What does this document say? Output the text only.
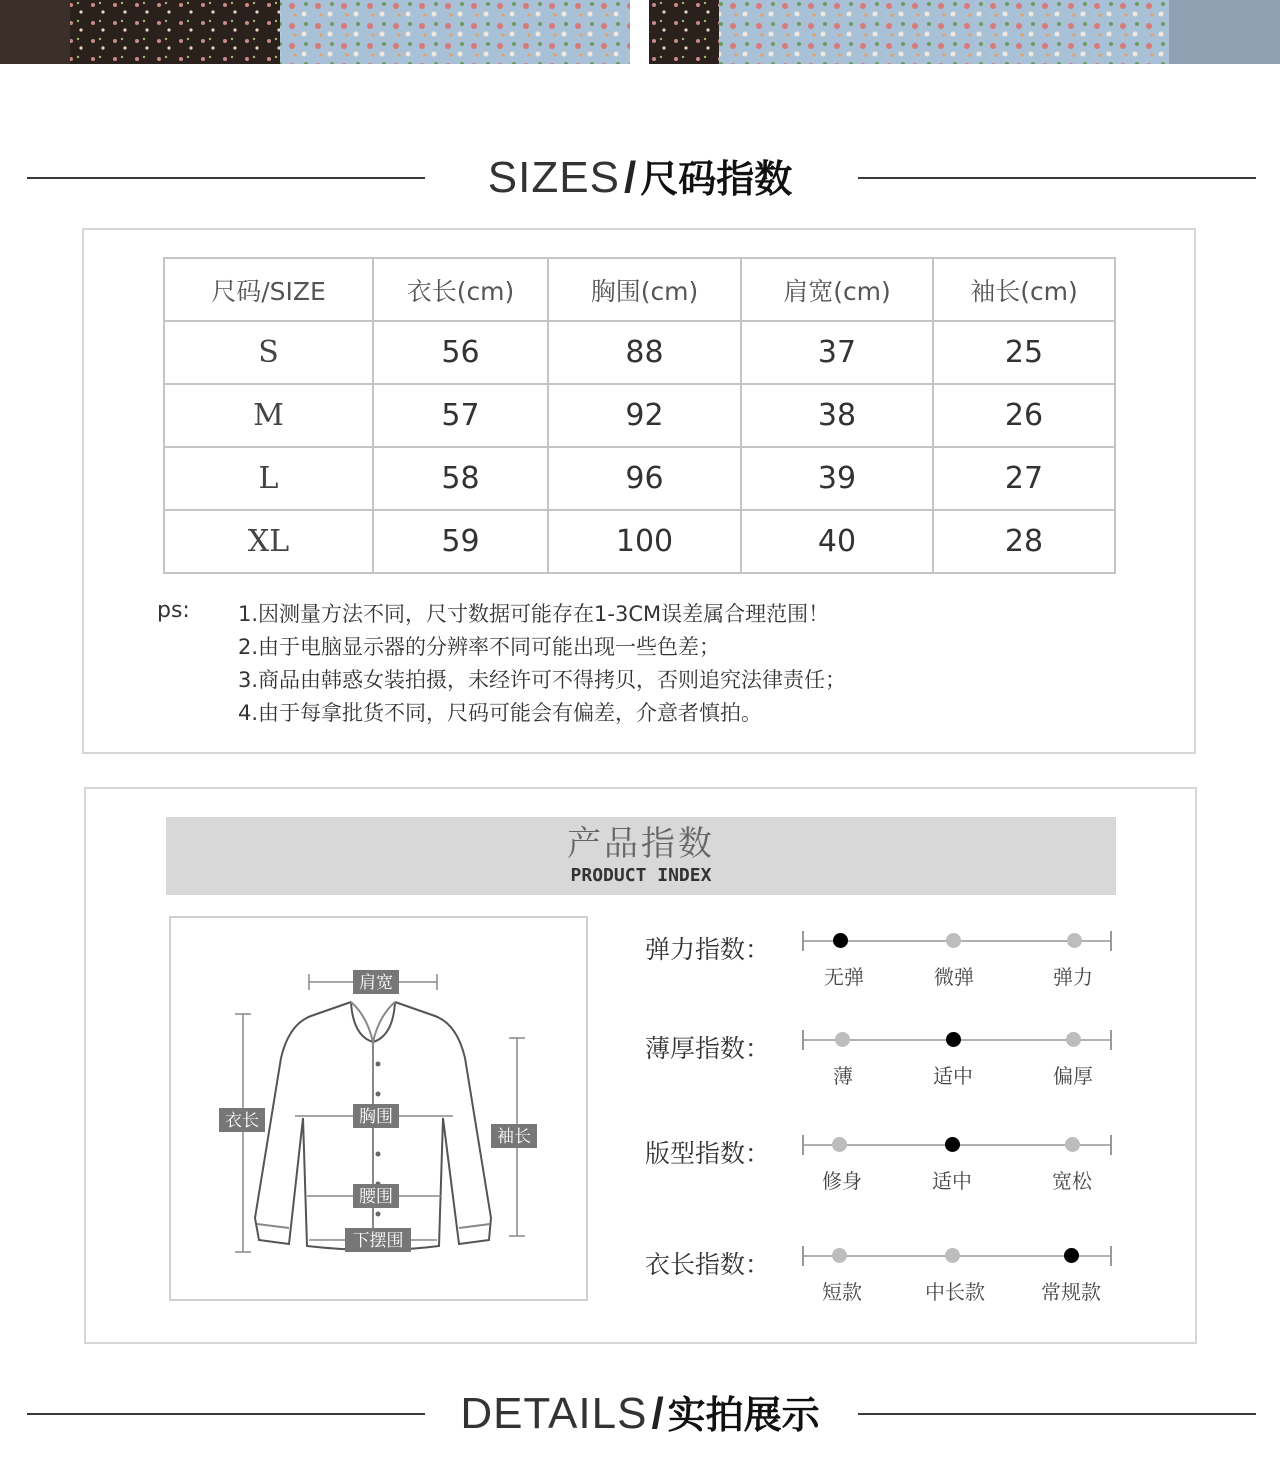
SIZES/ 尺码指数
尺码/SIZE	衣长(cm)	胸围(cm)	肩宽(cm)	袖长(cm)
S	56	88	37	25
M	57	92	38	26
L	58	96	39	27
XL	59	100	40	28
ps: 1.因测量方法不同，尺寸数据可能存在1-3CM误差属合理范围！
2.由于电脑显示器的分辨率不同可能出现一些色差；
3.商品由韩惑女装拍摄，未经许可不得拷贝，否则追究法律责任；
4.由于每拿批货不同，尺码可能会有偏差，介意者慎拍。
产品指数
PRODUCT INDEX
肩宽
衣长	胸围
袖长
腰围
下摆围
弹力指数：
无弹	微弹	弹力
薄厚指数：
薄	适中	偏厚
版型指数：
修身	适中	宽松
衣长指数：
短款	中长款	常规款
DETAILS/ 实拍展示
